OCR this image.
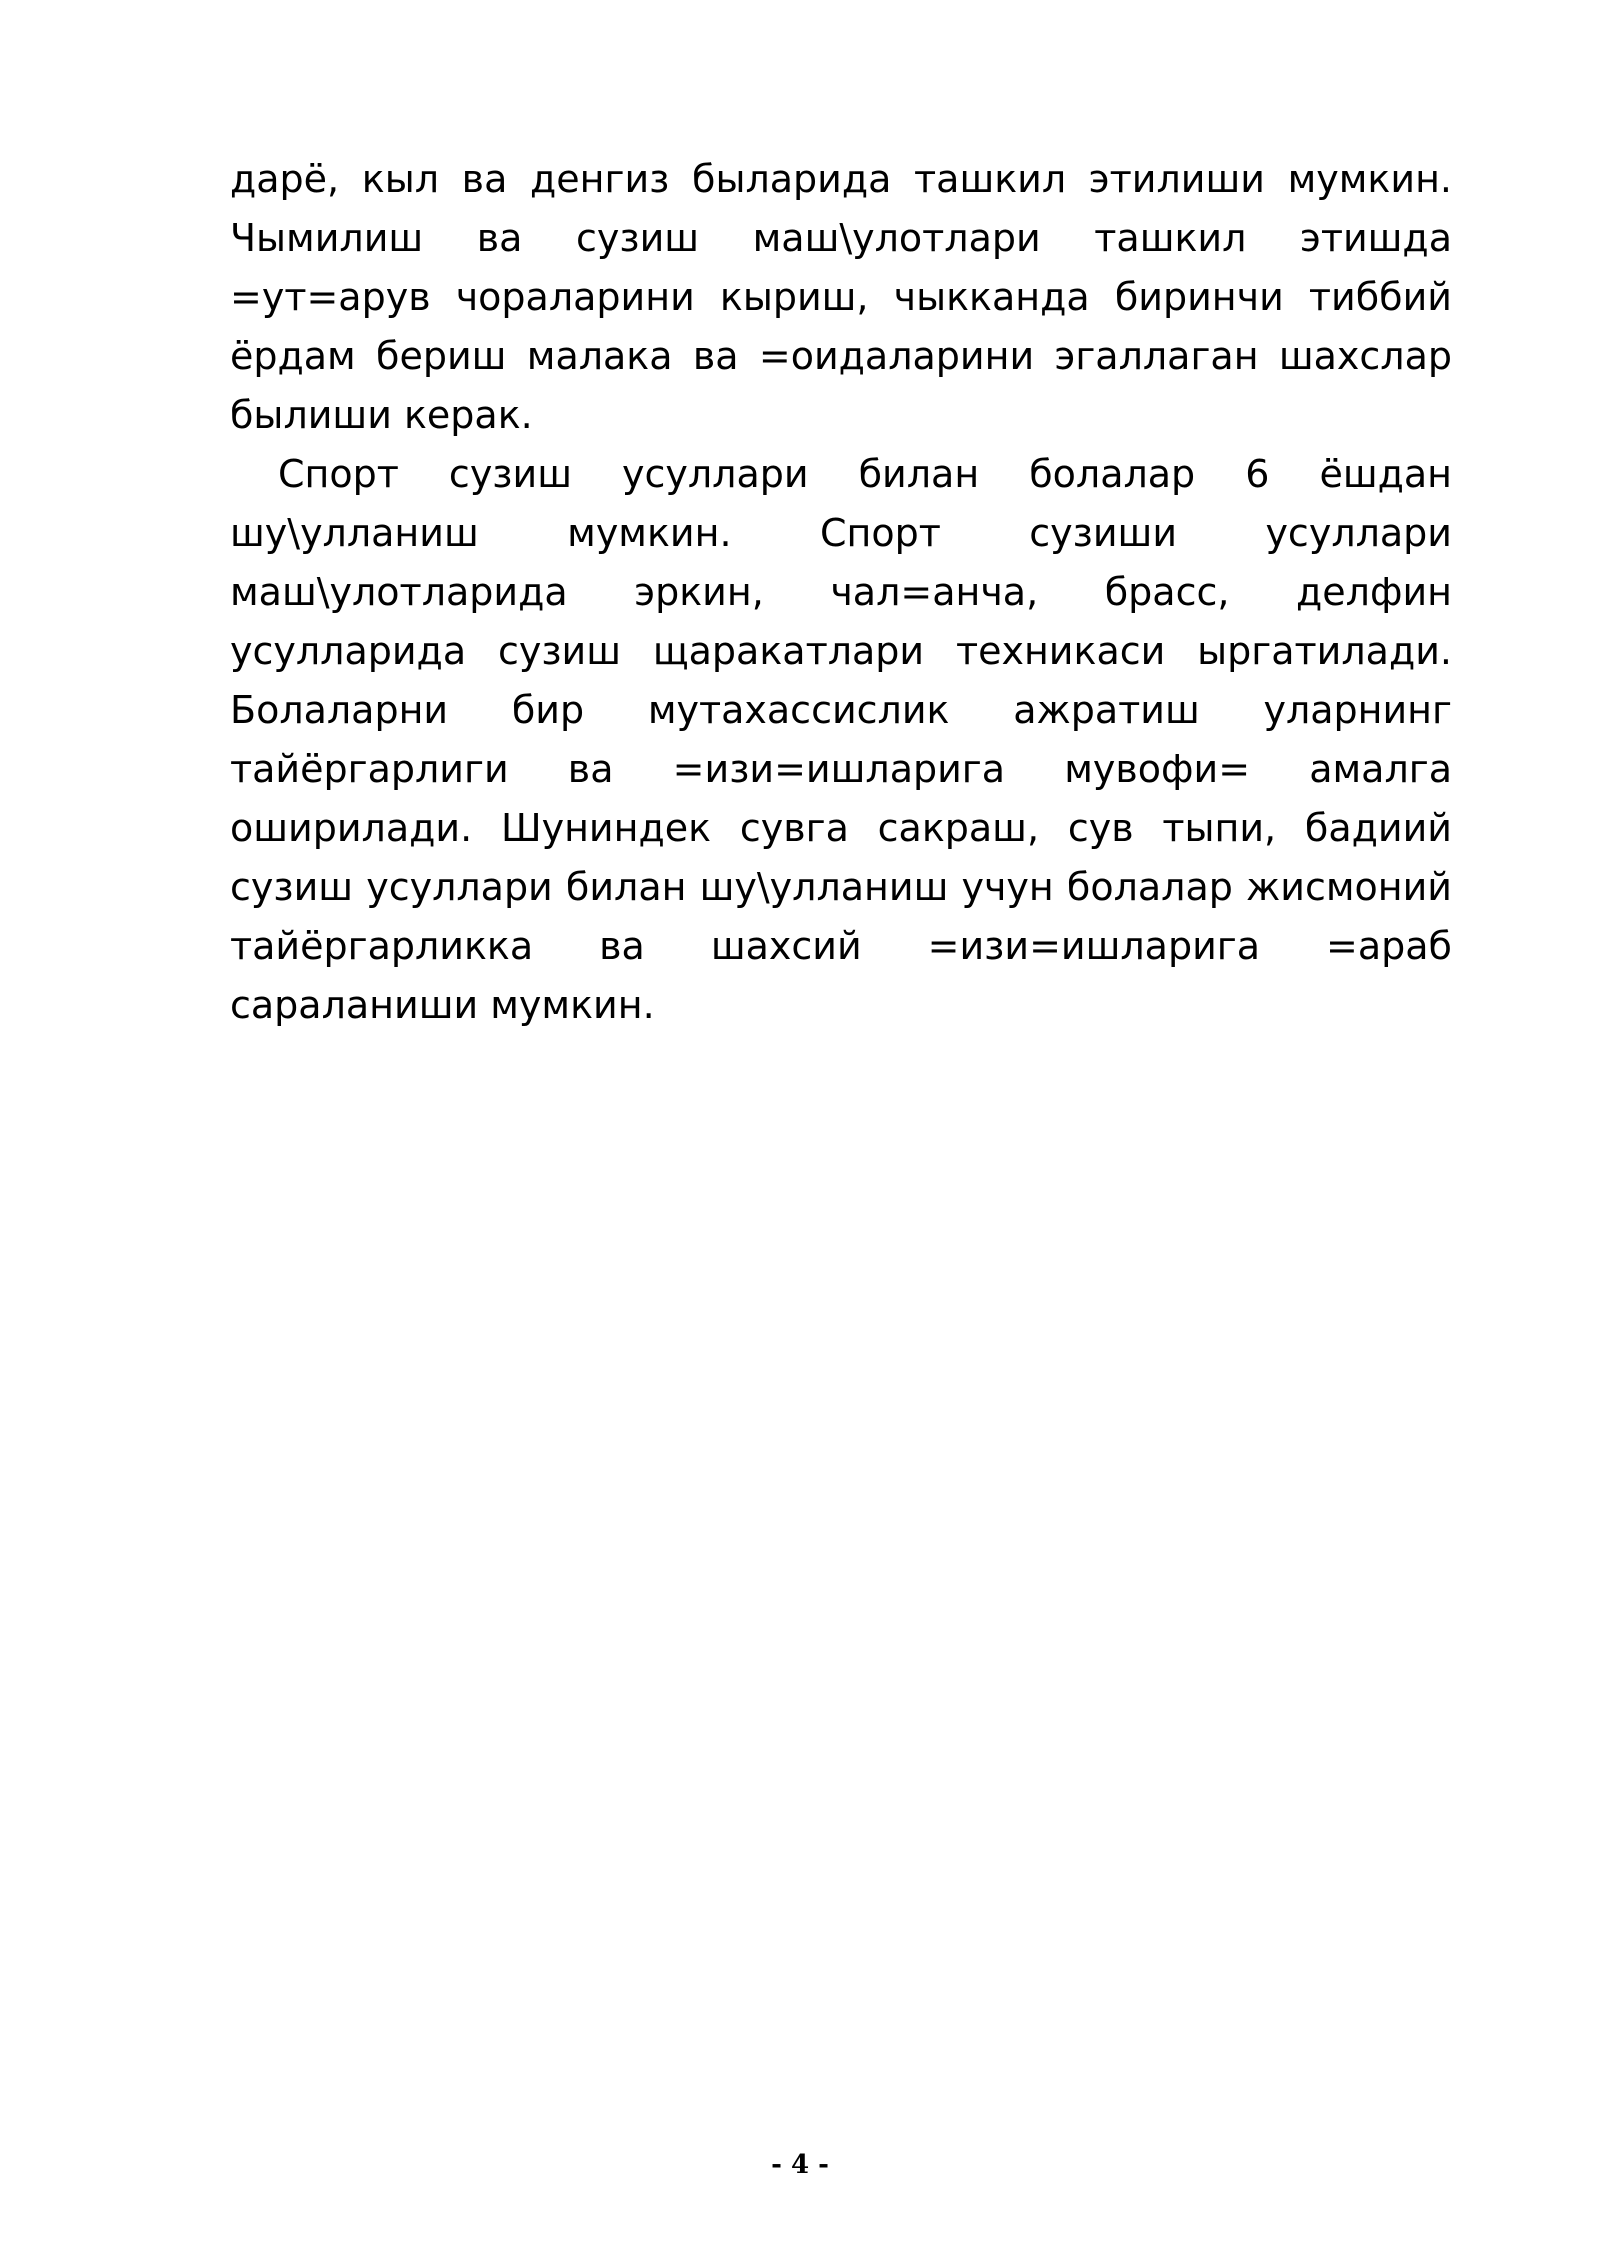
дарё, кыл ва денгиз быларида ташкил этилиши мумкин. Чымилиш ва сузиш маш\улотлари ташкил этишда =ут=арув чораларини кыриш, чыкканда биринчи тиббий ёрдам бериш малака ва =оидаларини эгаллаган шахслар былиши керак.

Спорт сузиш усуллари билан болалар 6 ёшдан шу\улланиш мумкин. Спорт сузиши усуллари маш\улотларида эркин, чал=анча, брасс, делфин усулларида сузиш щаракатлари техникаси ыргатилади. Болаларни бир мутахассислик ажратиш уларнинг тайёргарлиги ва =изи=ишларига мувофи= амалга оширилади. Шуниндек сувга сакраш, сув тыпи, бадиий сузиш усуллари билан шу\улланиш учун болалар жисмоний тайёргарликка ва шахсий =изи=ишларига =араб сараланиши мумкин.

- 4 -
